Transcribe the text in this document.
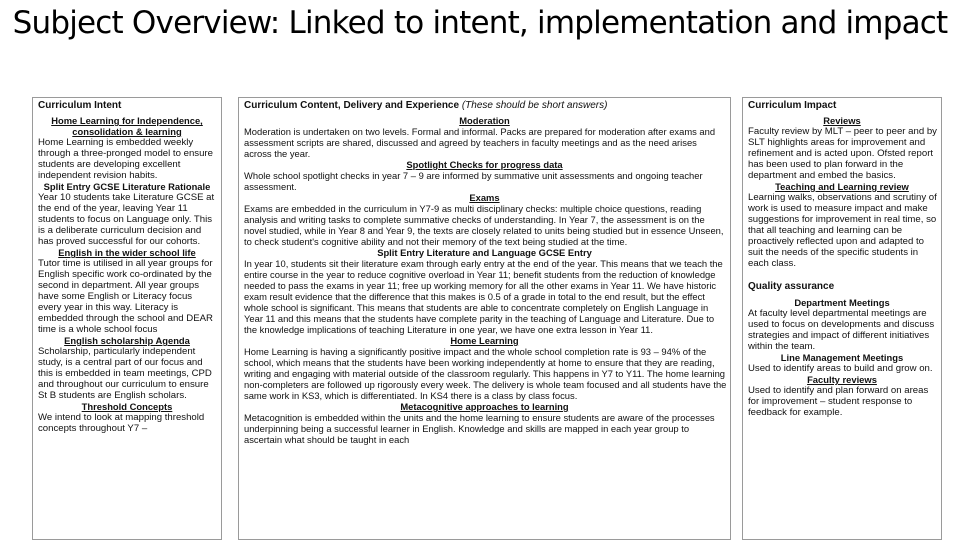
Subject Overview: Linked to intent, implementation and impact
Curriculum Intent
Home Learning for Independence, consolidation & learning
Home Learning is embedded weekly through a three-pronged model to ensure students are developing excellent independent revision habits.
Split Entry GCSE Literature Rationale
Year 10 students take Literature GCSE at the end of the year, leaving Year 11 students to focus on Language only. This is a deliberate curriculum decision and has proved successful for our cohorts.
English in the wider school life
Tutor time is utilised in all year groups for English specific work co-ordinated by the second in department. All year groups have some English or Literacy focus every year in this way. Literacy is embedded through the school and DEAR time is a whole school focus
English scholarship Agenda
Scholarship, particularly independent study, is a central part of our focus and this is embedded in team meetings, CPD and throughout our curriculum to ensure St B students are English scholars.
Threshold Concepts
We intend to look at mapping threshold concepts throughout Y7 –
Curriculum Content, Delivery and Experience (These should be short answers)
Moderation
Moderation is undertaken on two levels. Formal and informal. Packs are prepared for moderation after exams and assessment scripts are shared, discussed and agreed by teachers in faculty meetings and as the need arises across the year.
Spotlight Checks for progress data
Whole school spotlight checks in year 7 – 9 are informed by summative unit assessments and ongoing teacher assessment.
Exams
Exams are embedded in the curriculum in Y7-9 as multi disciplinary checks: multiple choice questions, reading analysis and writing tasks to complete summative checks of understanding. In Year 7, the assessment is on the novel studied, while in Year 8 and Year 9, the texts are closely related to units being studied but in essence Unseen, to check student's cognitive ability and not their memory of the text being studied at the time.
Split Entry Literature and Language GCSE Entry
In year 10, students sit their literature exam through early entry at the end of the year. This means that we teach the entire course in the year to reduce cognitive overload in Year 11; benefit students from the reduction of knowledge needed to pass the exams in year 11; free up working memory for all the other exams in Year 11. We have historic exam result evidence that the difference that this makes is 0.5 of a grade in total to the end result, but the effect whole school is significant. This means that students are able to concentrate completely on English Language in Year 11 and this means that the students have complete parity in the teaching of Language and Literature. Due to the knowledge implications of teaching Literature in one year, we have one extra lesson in Year 11.
Home Learning
Home Learning is having a significantly positive impact and the whole school completion rate is 93 – 94% of the school, which means that the students have been working independently at home to ensure that they are reading, writing and engaging with material outside of the classroom regularly. This happens in Y7 to Y11. The home learning non-completers are followed up rigorously every week. The delivery is whole team focused and all students have the same work in KS3, which is differentiated. In KS4 there is a class by class focus.
Metacognitive approaches to learning
Metacognition is embedded within the units and the home learning to ensure students are aware of the processes underpinning being a successful learner in English. Knowledge and skills are mapped in each year group to ascertain what should be taught in each
Curriculum Impact
Reviews
Faculty review by MLT – peer to peer and by SLT highlights areas for improvement and refinement and is acted upon. Ofsted report has been used to plan forward in the department and embed the basics.
Teaching and Learning review
Learning walks, observations and scrutiny of work is used to measure impact and make suggestions for improvement in real time, so that all teaching and learning can be proactively reflected upon and adapted to suit the needs of the specific students in each class.
Quality assurance
Department Meetings
At faculty level departmental meetings are used to focus on developments and discuss strategies and impact of different initiatives within the team.
Line Management Meetings
Used to identify areas to build and grow on.
Faculty reviews
Used to identify and plan forward on areas for improvement – student response to feedback for example.
